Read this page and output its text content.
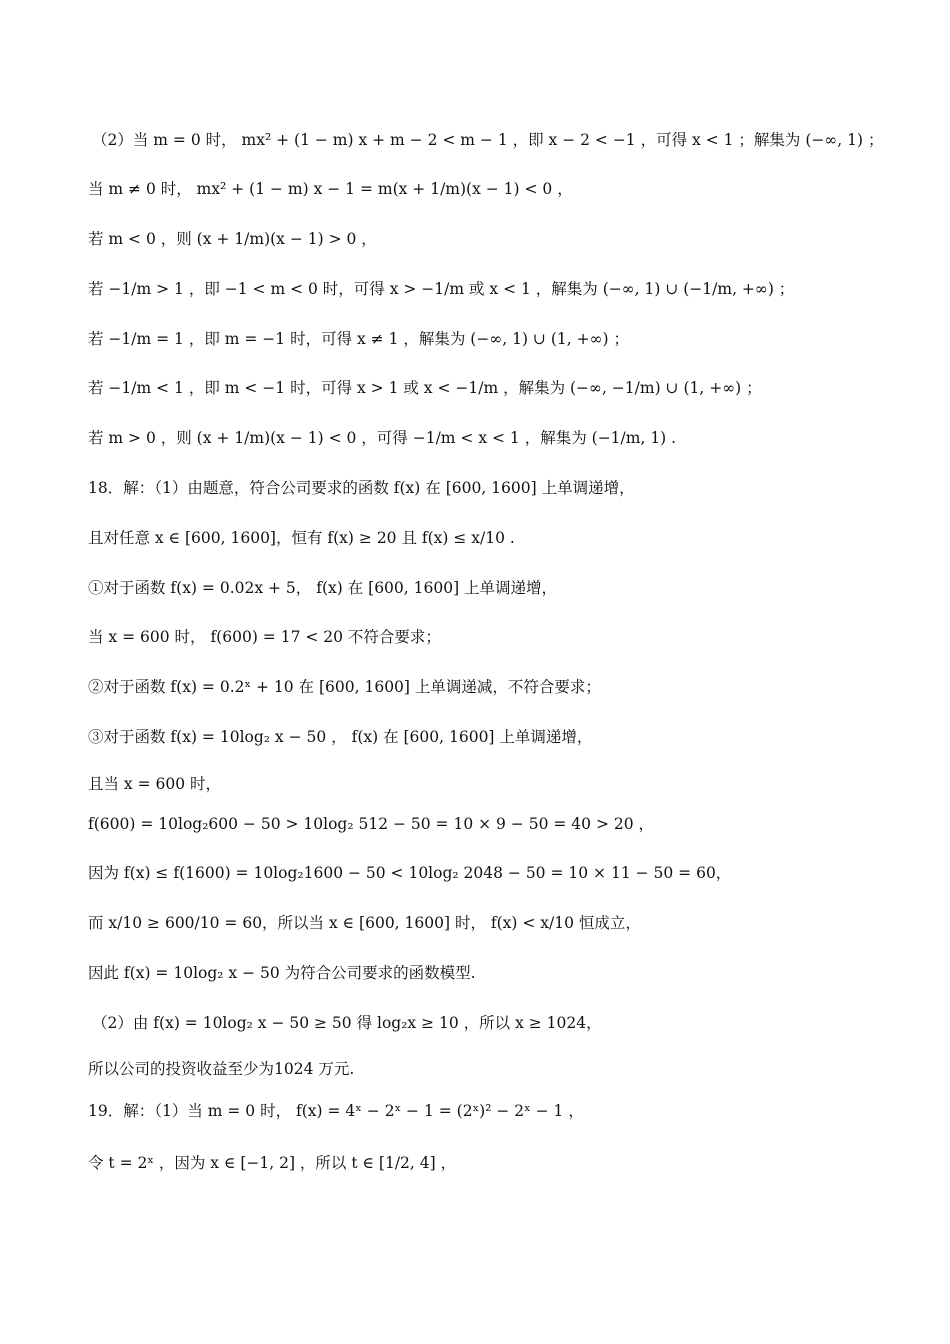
（2）当 m = 0 时， mx² + (1 − m) x + m − 2 < m − 1 ，即 x − 2 < −1 ，可得 x < 1 ；解集为 (−∞, 1) ；
当 m ≠ 0 时， mx² + (1 − m) x − 1 = m(x + 1/m)(x − 1) < 0 ，
若 m < 0 ，则 (x + 1/m)(x − 1) > 0 ，
若 −1/m > 1 ，即 −1 < m < 0 时，可得 x > −1/m 或 x < 1 ，解集为 (−∞, 1) ∪ (−1/m, +∞) ；
若 −1/m = 1 ，即 m = −1 时，可得 x ≠ 1 ，解集为 (−∞, 1) ∪ (1, +∞) ；
若 −1/m < 1 ，即 m < −1 时，可得 x > 1 或 x < −1/m ，解集为 (−∞, −1/m) ∪ (1, +∞) ；
若 m > 0 ，则 (x + 1/m)(x − 1) < 0 ，可得 −1/m < x < 1 ，解集为 (−1/m, 1) .
18．解：（1）由题意，符合公司要求的函数 f(x) 在 [600, 1600] 上单调递增，
且对任意 x ∈ [600, 1600]，恒有 f(x) ≥ 20 且 f(x) ≤ x/10 .
①对于函数 f(x) = 0.02x + 5， f(x) 在 [600, 1600] 上单调递增，
当 x = 600 时， f(600) = 17 < 20 不符合要求；
②对于函数 f(x) = 0.2ˣ + 10 在 [600, 1600] 上单调递减，不符合要求；
③对于函数 f(x) = 10log₂ x − 50 ， f(x) 在 [600, 1600] 上单调递增，
且当 x = 600 时，
f(600) = 10log₂600 − 50 > 10log₂ 512 − 50 = 10 × 9 − 50 = 40 > 20 ，
因为 f(x) ≤ f(1600) = 10log₂1600 − 50 < 10log₂ 2048 − 50 = 10 × 11 − 50 = 60，
而 x/10 ≥ 600/10 = 60，所以当 x ∈ [600, 1600] 时， f(x) < x/10 恒成立，
因此 f(x) = 10log₂ x − 50 为符合公司要求的函数模型.
（2）由 f(x) = 10log₂ x − 50 ≥ 50 得 log₂x ≥ 10 ，所以 x ≥ 1024，
所以公司的投资收益至少为1024 万元.
19．解：（1）当 m = 0 时， f(x) = 4ˣ − 2ˣ − 1 = (2ˣ)² − 2ˣ − 1 ，
令 t = 2ˣ ，因为 x ∈ [−1, 2] ，所以 t ∈ [1/2, 4] ，
